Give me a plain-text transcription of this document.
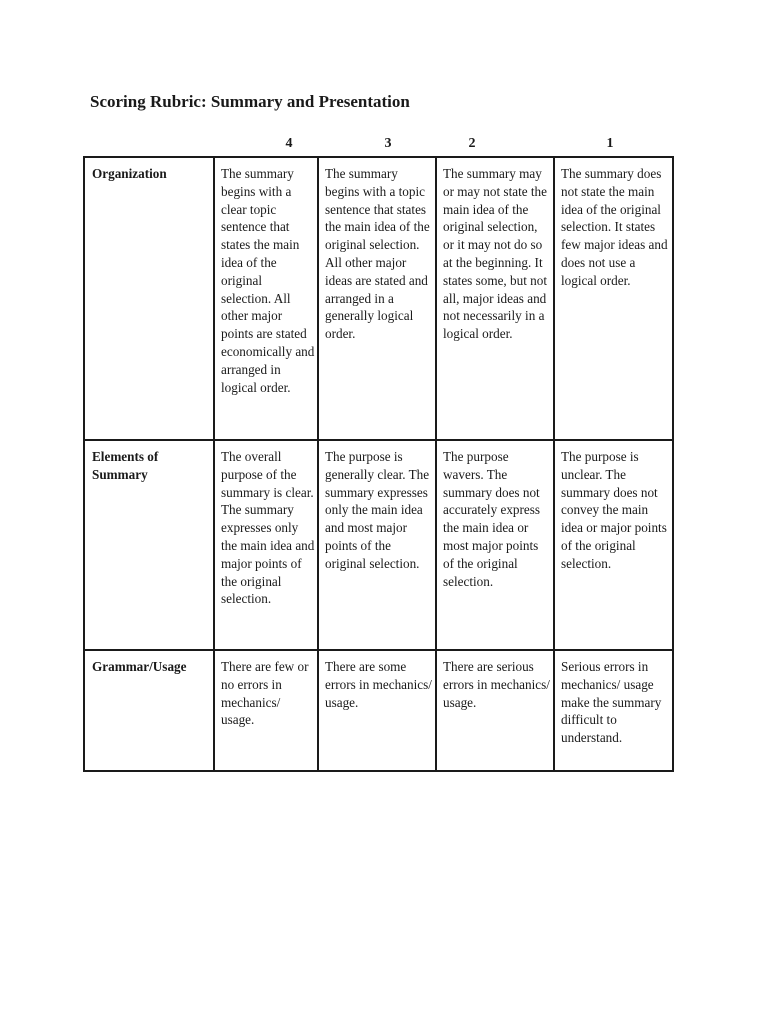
Scoring Rubric: Summary and Presentation
4	3	2	1
Organization	The summary begins with a clear topic sentence that states the main idea of the original selection. All other major points are stated economically and arranged in logical order.	The summary begins with a topic sentence that states the main idea of the original selection. All other major ideas are stated and arranged in a generally logical order.	The summary may or may not state the main idea of the original selection, or it may not do so at the beginning. It states some, but not all, major ideas and not necessarily in a logical order.	The summary does not state the main idea of the original selection. It states few major ideas and does not use a logical order.
Elements of Summary	The overall purpose of the summary is clear. The summary expresses only the main idea and major points of the original selection.	The purpose is generally clear. The summary expresses only the main idea and most major points of the original selection.	The purpose wavers. The summary does not accurately express the main idea or most major points of the original selection.	The purpose is unclear. The summary does not convey the main idea or major points of the original selection.
Grammar/Usage	There are few or no errors in mechanics/ usage.	There are some errors in mechanics/ usage.	There are serious errors in mechanics/ usage.	Serious errors in mechanics/ usage make the summary difficult to understand.
